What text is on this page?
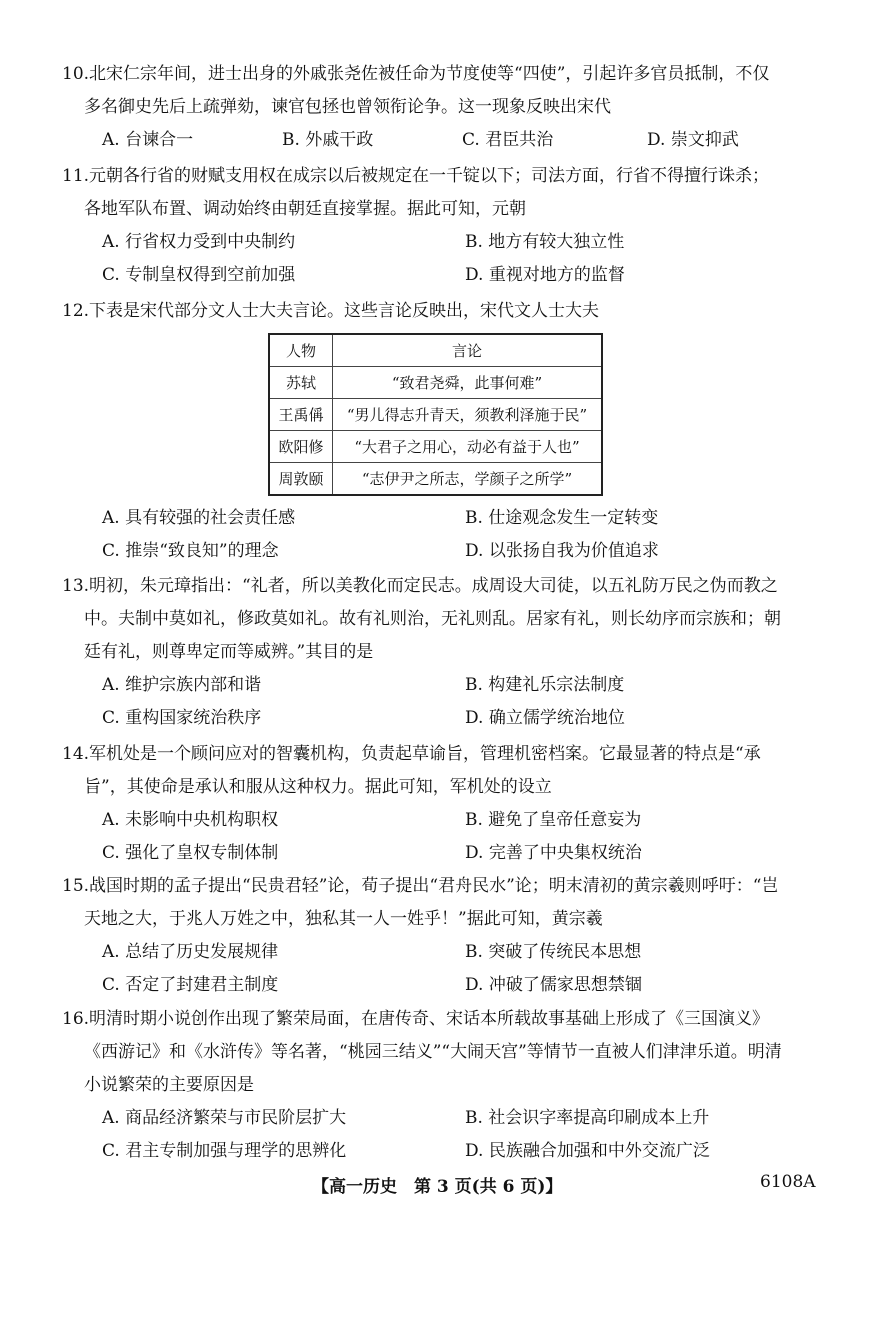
10.北宋仁宗年间，进士出身的外戚张尧佐被任命为节度使等“四使”，引起许多官员抵制，不仅
多名御史先后上疏弹劾，谏官包拯也曾领衔论争。这一现象反映出宋代
A. 台谏合一	B. 外戚干政	C. 君臣共治	D. 崇文抑武
11.元朝各行省的财赋支用权在成宗以后被规定在一千锭以下；司法方面，行省不得擅行诛杀；
各地军队布置、调动始终由朝廷直接掌握。据此可知，元朝
A. 行省权力受到中央制约	B. 地方有较大独立性
C. 专制皇权得到空前加强	D. 重视对地方的监督
12.下表是宋代部分文人士大夫言论。这些言论反映出，宋代文人士大夫
人物	言论
苏轼	“致君尧舜，此事何难”
王禹偁	“男儿得志升青天，须教利泽施于民”
欧阳修	“大君子之用心，动必有益于人也”
周敦颐	“志伊尹之所志，学颜子之所学”
A. 具有较强的社会责任感	B. 仕途观念发生一定转变
C. 推崇“致良知”的理念	D. 以张扬自我为价值追求
13.明初，朱元璋指出：“礼者，所以美教化而定民志。成周设大司徒，以五礼防万民之伪而教之
中。夫制中莫如礼，修政莫如礼。故有礼则治，无礼则乱。居家有礼，则长幼序而宗族和；朝
廷有礼，则尊卑定而等威辨。”其目的是
A. 维护宗族内部和谐	B. 构建礼乐宗法制度
C. 重构国家统治秩序	D. 确立儒学统治地位
14.军机处是一个顾问应对的智囊机构，负责起草谕旨，管理机密档案。它最显著的特点是“承
旨”，其使命是承认和服从这种权力。据此可知，军机处的设立
A. 未影响中央机构职权	B. 避免了皇帝任意妄为
C. 强化了皇权专制体制	D. 完善了中央集权统治
15.战国时期的孟子提出“民贵君轻”论，荀子提出“君舟民水”论；明末清初的黄宗羲则呼吁：“岂
天地之大，于兆人万姓之中，独私其一人一姓乎！”据此可知，黄宗羲
A. 总结了历史发展规律	B. 突破了传统民本思想
C. 否定了封建君主制度	D. 冲破了儒家思想禁锢
16.明清时期小说创作出现了繁荣局面，在唐传奇、宋话本所载故事基础上形成了《三国演义》
《西游记》和《水浒传》等名著，“桃园三结义”“大闹天宫”等情节一直被人们津津乐道。明清
小说繁荣的主要原因是
A. 商品经济繁荣与市民阶层扩大	B. 社会识字率提高印刷成本上升
C. 君主专制加强与理学的思辨化	D. 民族融合加强和中外交流广泛
【高一历史　第 3 页(共 6 页)】	6108A
